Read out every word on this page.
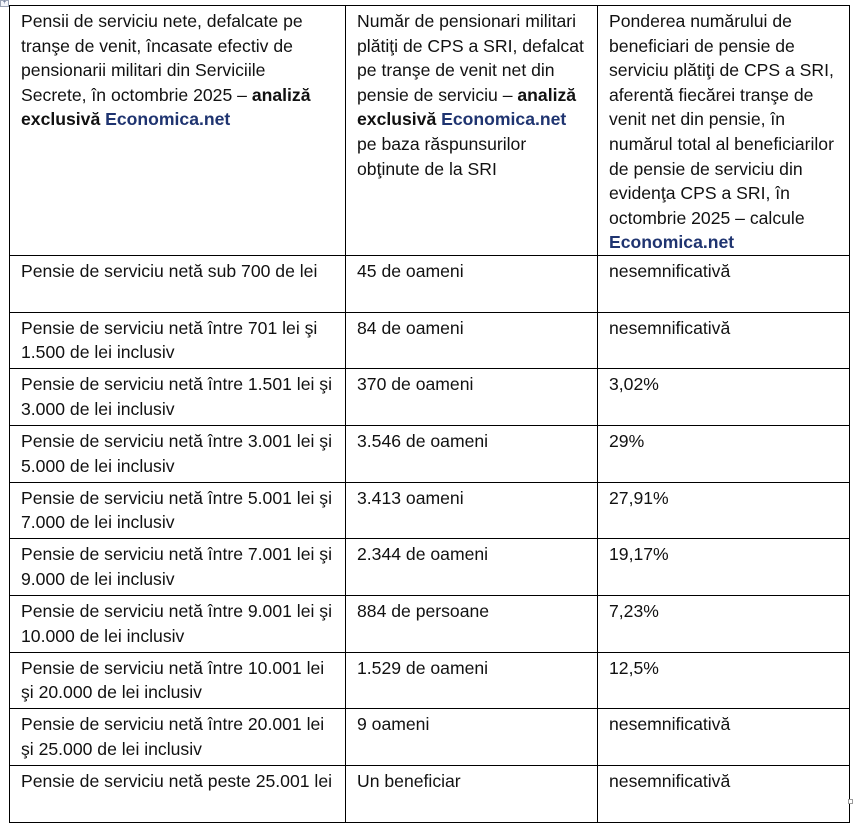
+
Pensii de serviciu nete, defalcate pe tranşe de venit, încasate efectiv de pensionarii militari din Serviciile Secrete, în octombrie 2025 – analiză exclusivă Economica.net	Număr de pensionari militari plătiţi de CPS a SRI, defalcat pe tranşe de venit net din pensie de serviciu – analiză exclusivă Economica.net pe baza răspunsurilor obţinute de la SRI	Ponderea numărului de beneficiari de pensie de serviciu plătiţi de CPS a SRI, aferentă fiecărei tranşe de venit net din pensie, în numărul total al beneficiarilor de pensie de serviciu din evidenţa CPS a SRI, în octombrie 2025 – calcule Economica.net
Pensie de serviciu netă sub 700 de lei	45 de oameni	nesemnificativă
Pensie de serviciu netă între 701 lei şi 1.500 de lei inclusiv	84 de oameni	nesemnificativă
Pensie de serviciu netă între 1.501 lei şi 3.000 de lei inclusiv	370 de oameni	3,02%
Pensie de serviciu netă între 3.001 lei şi 5.000 de lei inclusiv	3.546 de oameni	29%
Pensie de serviciu netă între 5.001 lei şi 7.000 de lei inclusiv	3.413 oameni	27,91%
Pensie de serviciu netă între 7.001 lei şi 9.000 de lei inclusiv	2.344 de oameni	19,17%
Pensie de serviciu netă între 9.001 lei şi 10.000 de lei inclusiv	884 de persoane	7,23%
Pensie de serviciu netă între 10.001 lei şi 20.000 de lei inclusiv	1.529 de oameni	12,5%
Pensie de serviciu netă între 20.001 lei şi 25.000 de lei inclusiv	9 oameni	nesemnificativă
Pensie de serviciu netă peste 25.001 lei	Un beneficiar	nesemnificativă
